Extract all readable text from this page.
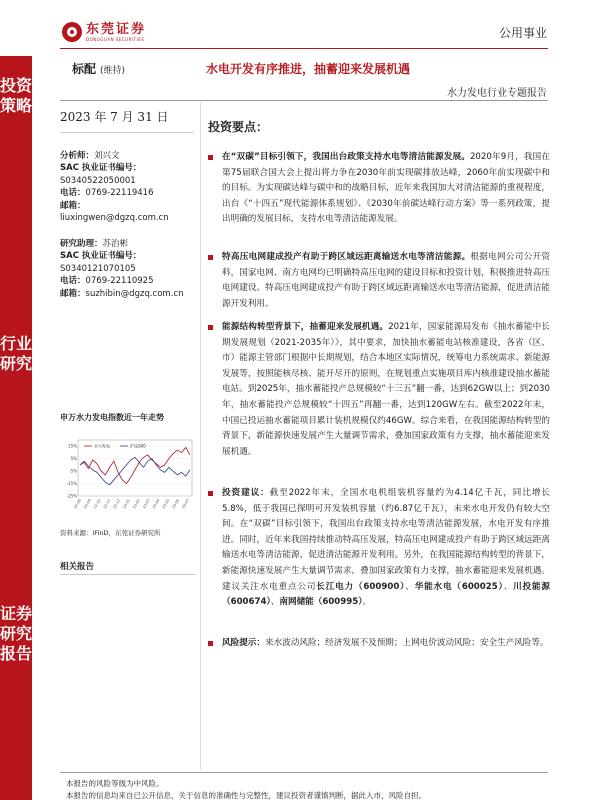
东莞证券
DONGGUAN SECURITIES	公用事业
投资策略
行业研究
证券研究报告
标配 (维持)	水电开发有序推进，抽蓄迎来发展机遇
水力发电行业专题报告
2023 年 7 月 31 日
分析师：刘兴文
SAC 执业证书编号：
S0340522050001
电话：0769-22119416
邮箱：
liuxingwen@dgzq.com.cn
研究助理：苏治彬
SAC 执业证书编号：
S0340121070105
电话：0769-22110925
邮箱：suzhibin@dgzq.com.cn
申万水力发电指数近一年走势
15%
5%
-5%
-15%
-25%
22-08 22-09 22-10 22-11 22-12 23-01 23-02 23-03 23-04 23-05 23-06 23-07
水力发电	沪深300
资料来源：iFinD，东莞证券研究所
相关报告
投资要点：
在“双碳”目标引领下，我国出台政策支持水电等清洁能源发展。2020年9月，我国在第75届联合国大会上提出将力争在2030年前实现碳排放达峰，2060年前实现碳中和的目标。为实现碳达峰与碳中和的战略目标，近年来我国加大对清洁能源的重视程度，出台《“十四五”现代能源体系规划》、《2030年前碳达峰行动方案》等一系列政策，提出明确的发展目标，支持水电等清洁能源发展。
特高压电网建成投产有助于跨区域远距离输送水电等清洁能源。根据电网公司公开资料，国家电网、南方电网均已明确特高压电网的建设目标和投资计划，积极推进特高压电网建设。特高压电网建成投产有助于跨区域远距离输送水电等清洁能源，促进清洁能源开发利用。
能源结构转型背景下，抽蓄迎来发展机遇。2021年，国家能源局发布《抽水蓄能中长期发展规划（2021-2035年）》，其中要求，加快抽水蓄能电站核准建设，各省（区、市）能源主管部门根据中长期规划，结合本地区实际情况，统筹电力系统需求、新能源发展等，按照能核尽核、能开尽开的原则，在规划重点实施项目库内核准建设抽水蓄能电站。到2025年，抽水蓄能投产总规模较“十三五”翻一番，达到62GW以上；到2030年，抽水蓄能投产总规模较“十四五”再翻一番，达到120GW左右。截至2022年末，中国已投运抽水蓄能项目累计装机规模仅约46GW。综合来看，在我国能源结构转型的背景下，新能源快速发展产生大量调节需求，叠加国家政策有力支撑，抽水蓄能迎来发展机遇。
投资建议：截至2022年末，全国水电机组装机容量约为4.14亿千瓦，同比增长5.8%，低于我国已探明可开发装机容量（约6.87亿千瓦），未来水电开发仍有较大空间。在“双碳”目标引领下，我国出台政策支持水电等清洁能源发展，水电开发有序推进。同时，近年来我国持续推动特高压发展，特高压电网建成投产有助于跨区域远距离输送水电等清洁能源，促进清洁能源开发利用。另外，在我国能源结构转型的背景下，新能源快速发展产生大量调节需求，叠加国家政策有力支撑，抽水蓄能迎来发展机遇。建议关注水电重点公司长江电力（600900）、华能水电（600025）、川投能源（600674）、南网储能（600995）。
风险提示：来水波动风险；经济发展不及预期；上网电价波动风险；安全生产风险等。
本报告的风险等级为中风险。
本报告的信息均来自已公开信息，关于信息的准确性与完整性，建议投资者谨慎判断，据此入市，风险自担。
